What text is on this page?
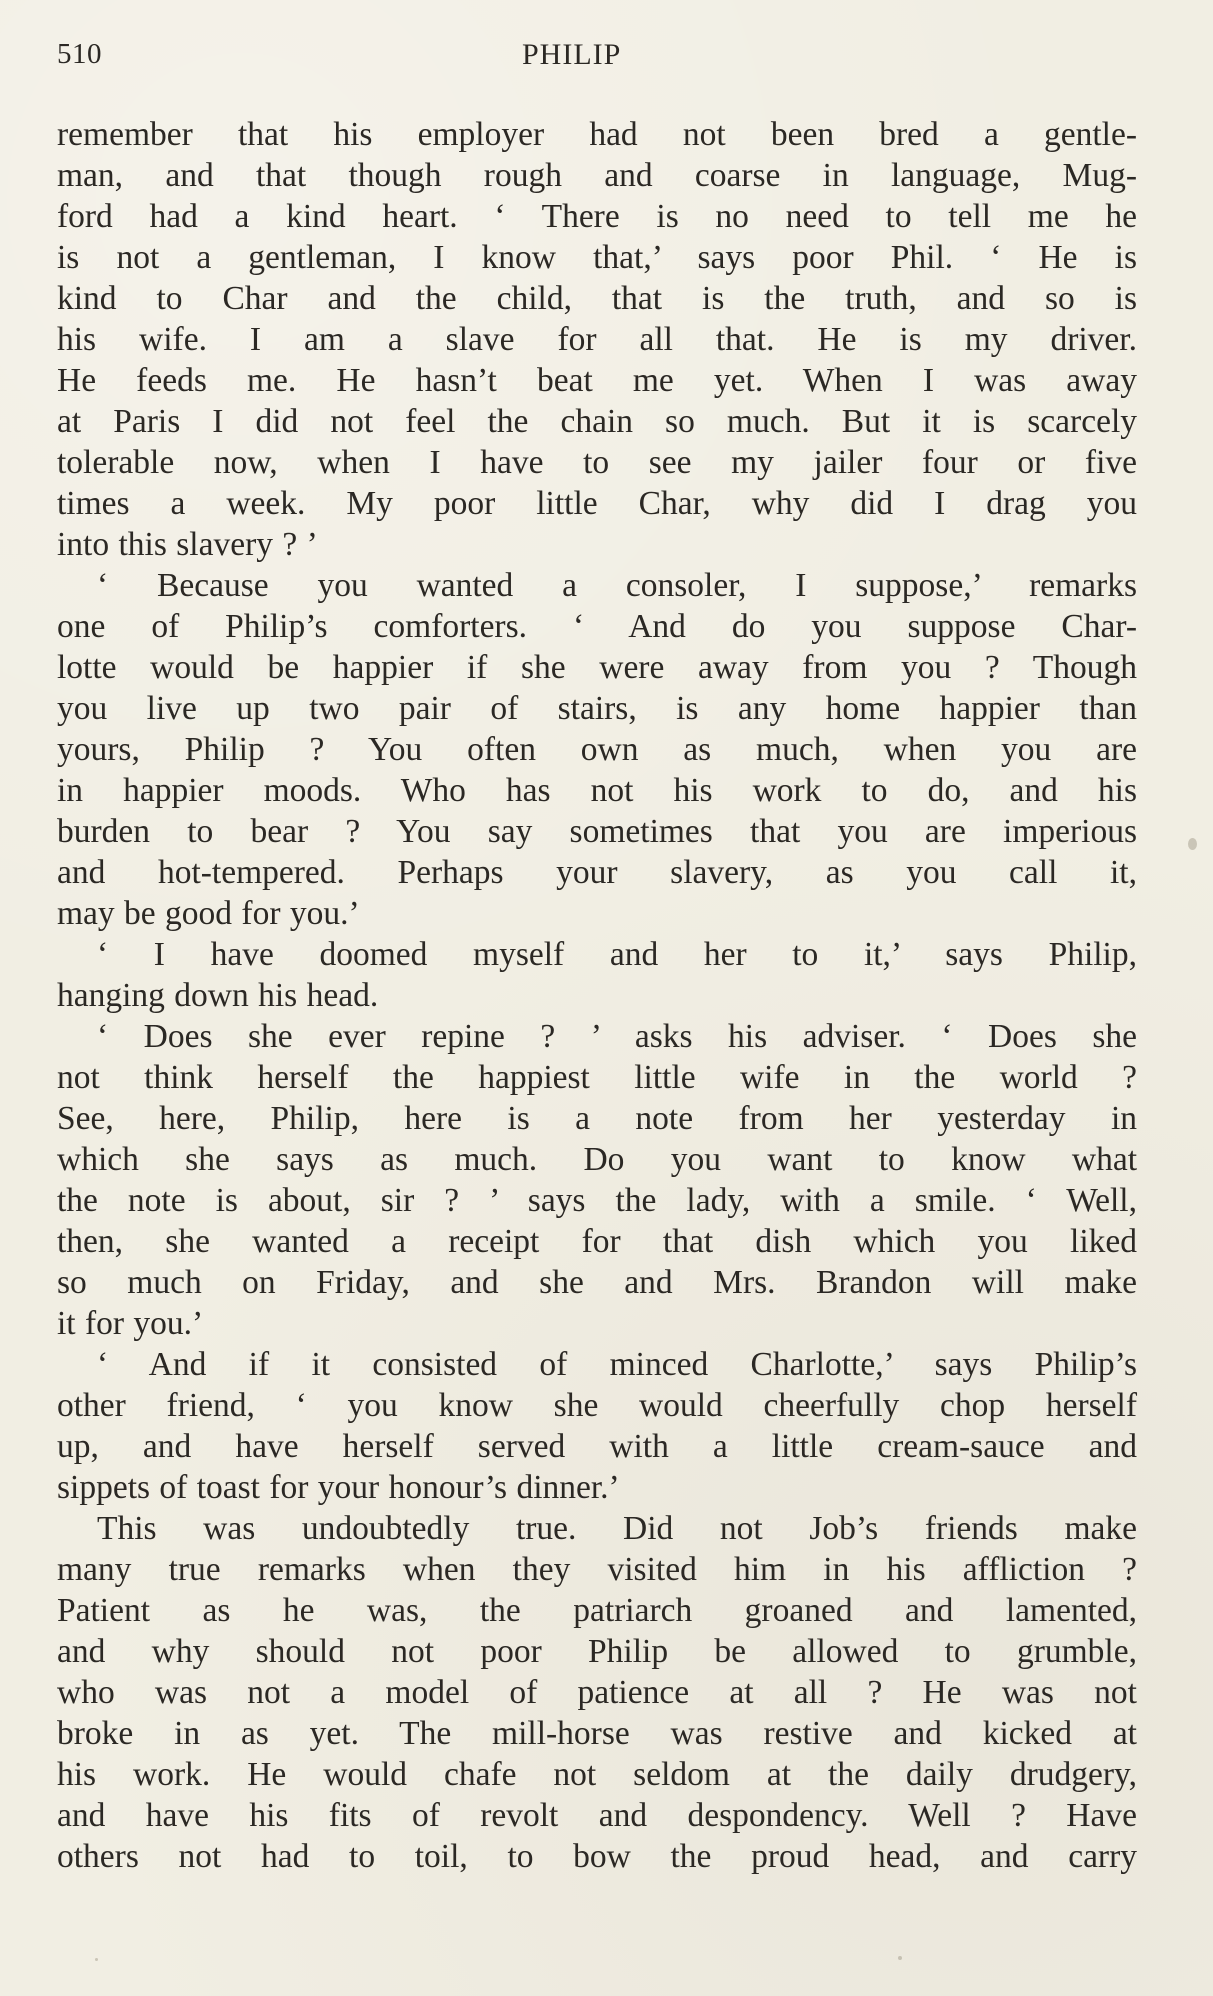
510	PHILIP
remember that his employer had not been bred a gentle-
man, and that though rough and coarse in language, Mug-
ford had a kind heart. ‘ There is no need to tell me he
is not a gentleman, I know that,’ says poor Phil. ‘ He is
kind to Char and the child, that is the truth, and so is
his wife. I am a slave for all that. He is my driver.
He feeds me. He hasn’t beat me yet. When I was away
at Paris I did not feel the chain so much. But it is scarcely
tolerable now, when I have to see my jailer four or five
times a week. My poor little Char, why did I drag you
into this slavery ? ’
‘ Because you wanted a consoler, I suppose,’ remarks
one of Philip’s comforters. ‘ And do you suppose Char-
lotte would be happier if she were away from you ? Though
you live up two pair of stairs, is any home happier than
yours, Philip ? You often own as much, when you are
in happier moods. Who has not his work to do, and his
burden to bear ? You say sometimes that you are imperious
and hot-tempered. Perhaps your slavery, as you call it,
may be good for you.’
‘ I have doomed myself and her to it,’ says Philip,
hanging down his head.
‘ Does she ever repine ? ’ asks his adviser. ‘ Does she
not think herself the happiest little wife in the world ?
See, here, Philip, here is a note from her yesterday in
which she says as much. Do you want to know what
the note is about, sir ? ’ says the lady, with a smile. ‘ Well,
then, she wanted a receipt for that dish which you liked
so much on Friday, and she and Mrs. Brandon will make
it for you.’
‘ And if it consisted of minced Charlotte,’ says Philip’s
other friend, ‘ you know she would cheerfully chop herself
up, and have herself served with a little cream-sauce and
sippets of toast for your honour’s dinner.’
This was undoubtedly true. Did not Job’s friends make
many true remarks when they visited him in his affliction ?
Patient as he was, the patriarch groaned and lamented,
and why should not poor Philip be allowed to grumble,
who was not a model of patience at all ? He was not
broke in as yet. The mill-horse was restive and kicked at
his work. He would chafe not seldom at the daily drudgery,
and have his fits of revolt and despondency. Well ? Have
others not had to toil, to bow the proud head, and carry
